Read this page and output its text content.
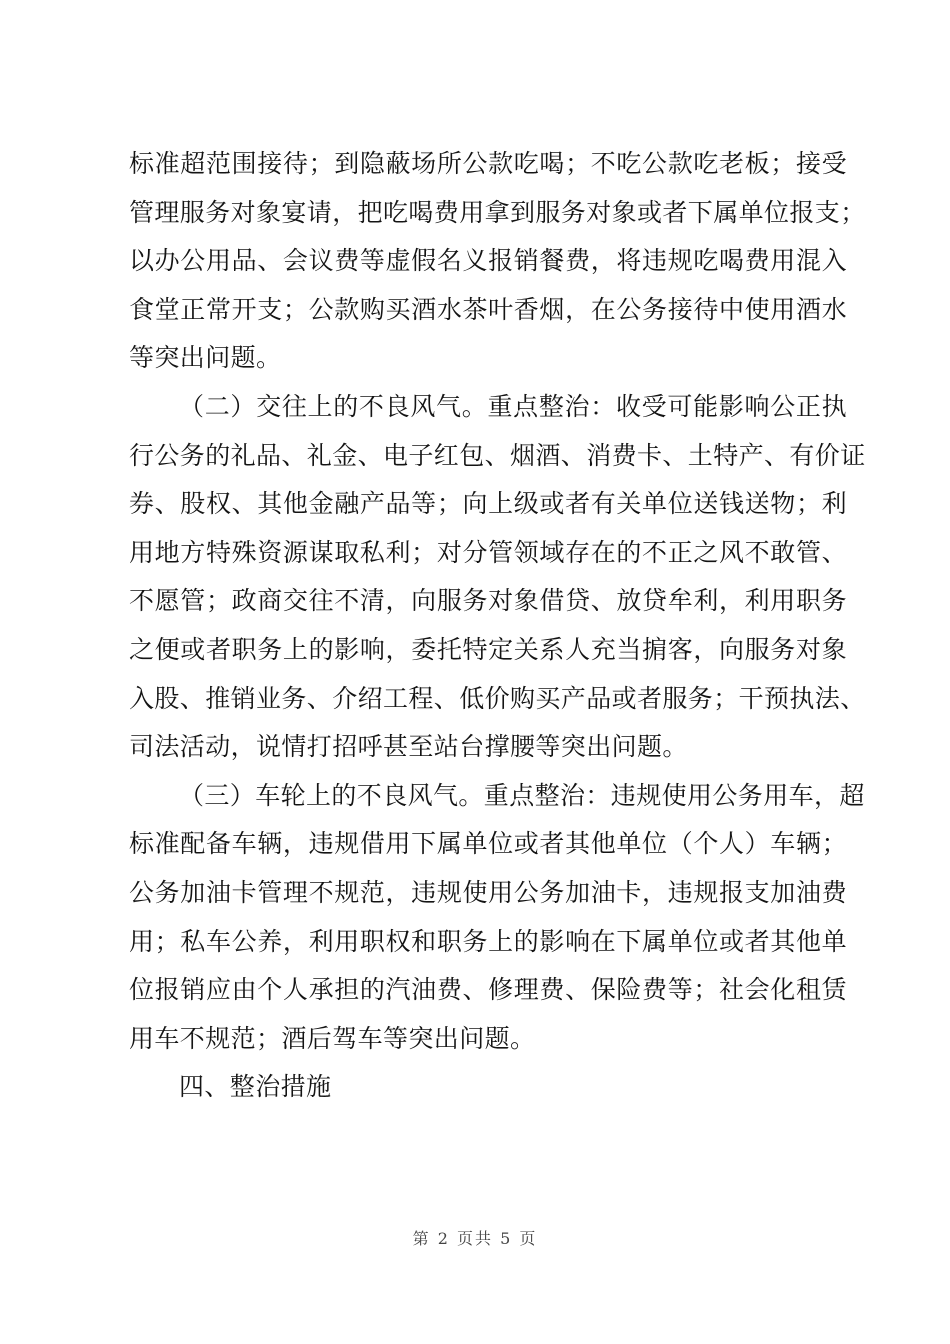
标准超范围接待；到隐蔽场所公款吃喝；不吃公款吃老板；接受
管理服务对象宴请，把吃喝费用拿到服务对象或者下属单位报支；
以办公用品、会议费等虚假名义报销餐费，将违规吃喝费用混入
食堂正常开支；公款购买酒水茶叶香烟，在公务接待中使用酒水
等突出问题。
（二）交往上的不良风气。重点整治：收受可能影响公正执
行公务的礼品、礼金、电子红包、烟酒、消费卡、土特产、有价证
券、股权、其他金融产品等；向上级或者有关单位送钱送物；利
用地方特殊资源谋取私利；对分管领域存在的不正之风不敢管、
不愿管；政商交往不清，向服务对象借贷、放贷牟利，利用职务
之便或者职务上的影响，委托特定关系人充当掮客，向服务对象
入股、推销业务、介绍工程、低价购买产品或者服务；干预执法、
司法活动，说情打招呼甚至站台撑腰等突出问题。
（三）车轮上的不良风气。重点整治：违规使用公务用车，超
标准配备车辆，违规借用下属单位或者其他单位（个人）车辆；
公务加油卡管理不规范，违规使用公务加油卡，违规报支加油费
用；私车公养，利用职权和职务上的影响在下属单位或者其他单
位报销应由个人承担的汽油费、修理费、保险费等；社会化租赁
用车不规范；酒后驾车等突出问题。
四、整治措施
第 2 页共 5 页
